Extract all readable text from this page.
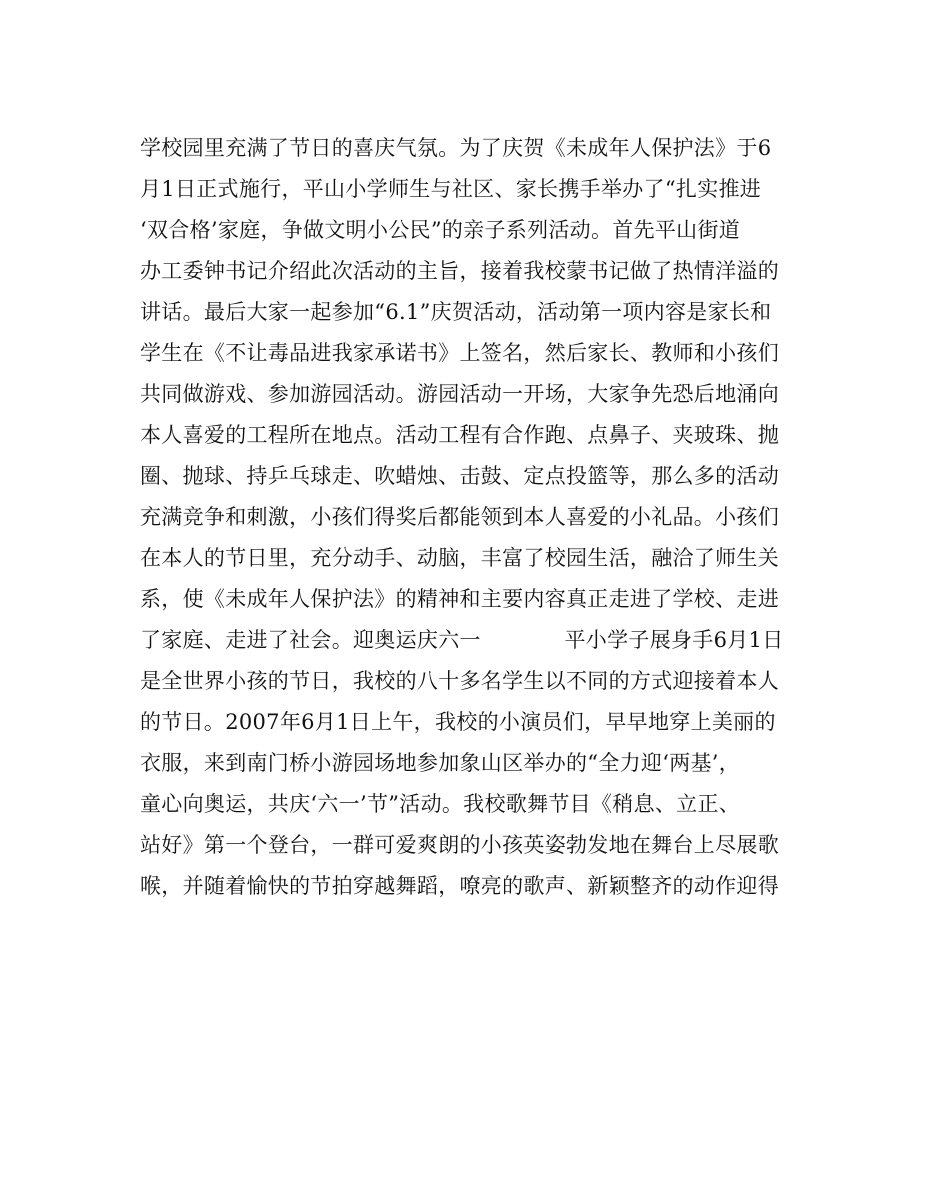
学校园里充满了节日的喜庆气氛。为了庆贺《未成年人保护法》于6
月1日正式施行，平山小学师生与社区、家长携手举办了“扎实推进
‘双合格’家庭，争做文明小公民”的亲子系列活动。首先平山街道
办工委钟书记介绍此次活动的主旨，接着我校蒙书记做了热情洋溢的
讲话。最后大家一起参加“6.1”庆贺活动，活动第一项内容是家长和
学生在《不让毒品进我家承诺书》上签名，然后家长、教师和小孩们
共同做游戏、参加游园活动。游园活动一开场，大家争先恐后地涌向
本人喜爱的工程所在地点。活动工程有合作跑、点鼻子、夹玻珠、抛
圈、抛球、持乒乓球走、吹蜡烛、击鼓、定点投篮等，那么多的活动
充满竞争和刺激，小孩们得奖后都能领到本人喜爱的小礼品。小孩们
在本人的节日里，充分动手、动脑，丰富了校园生活，融洽了师生关
系，使《未成年人保护法》的精神和主要内容真正走进了学校、走进
了家庭、走进了社会。迎奥运庆六一            平小学子展身手6月1日
是全世界小孩的节日，我校的八十多名学生以不同的方式迎接着本人
的节日。2007年6月1日上午，我校的小演员们，早早地穿上美丽的
衣服，来到南门桥小游园场地参加象山区举办的“全力迎‘两基’，
童心向奥运，共庆‘六一’节”活动。我校歌舞节目《稍息、立正、
站好》第一个登台，一群可爱爽朗的小孩英姿勃发地在舞台上尽展歌
喉，并随着愉快的节拍穿越舞蹈，嘹亮的歌声、新颖整齐的动作迎得
